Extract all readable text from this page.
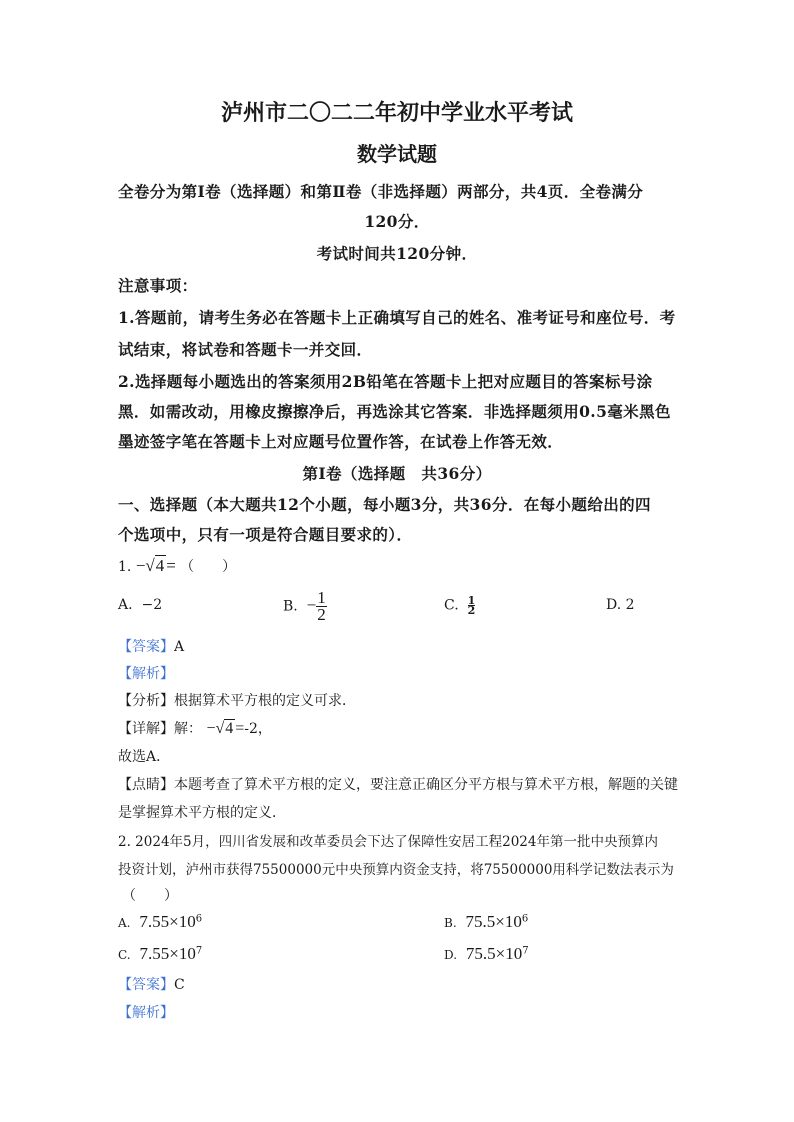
泸州市二〇二二年初中学业水平考试
数学试题
全卷分为第Ⅰ卷（选择题）和第Ⅱ卷（非选择题）两部分，共4页．全卷满分
120分．
考试时间共120分钟．
注意事项：
1.答题前，请考生务必在答题卡上正确填写自己的姓名、准考证号和座位号．考
试结束，将试卷和答题卡一并交回．
2.选择题每小题选出的答案须用2B铅笔在答题卡上把对应题目的答案标号涂
黑．如需改动，用橡皮擦擦净后，再选涂其它答案．非选择题须用0.5毫米黑色
墨迹签字笔在答题卡上对应题号位置作答，在试卷上作答无效．
第Ⅰ卷（选择题　共36分）
一、选择题（本大题共12个小题，每小题3分，共36分．在每小题给出的四
个选项中，只有一项是符合题目要求的）．
1. −√4 = （　　）
A. −2	B. − $\frac{1}{2}$	C. $\frac{1}{2}$	D. 2
【答案】A
【解析】
【分析】根据算术平方根的定义可求．
【详解】解： −√4 =-2，
故选A．
【点睛】本题考查了算术平方根的定义，要注意正确区分平方根与算术平方根，解题的关键
是掌握算术平方根的定义．
2. 2024年5月，四川省发展和改革委员会下达了保障性安居工程2024年第一批中央预算内
投资计划，泸州市获得75500000元中央预算内资金支持，将75500000用科学记数法表示为
（　　）
A. $7.55\times 10^6$	B. $75.5\times 10^6$
C. $7.55\times 10^7$	D. $75.5\times 10^7$
【答案】C
【解析】
